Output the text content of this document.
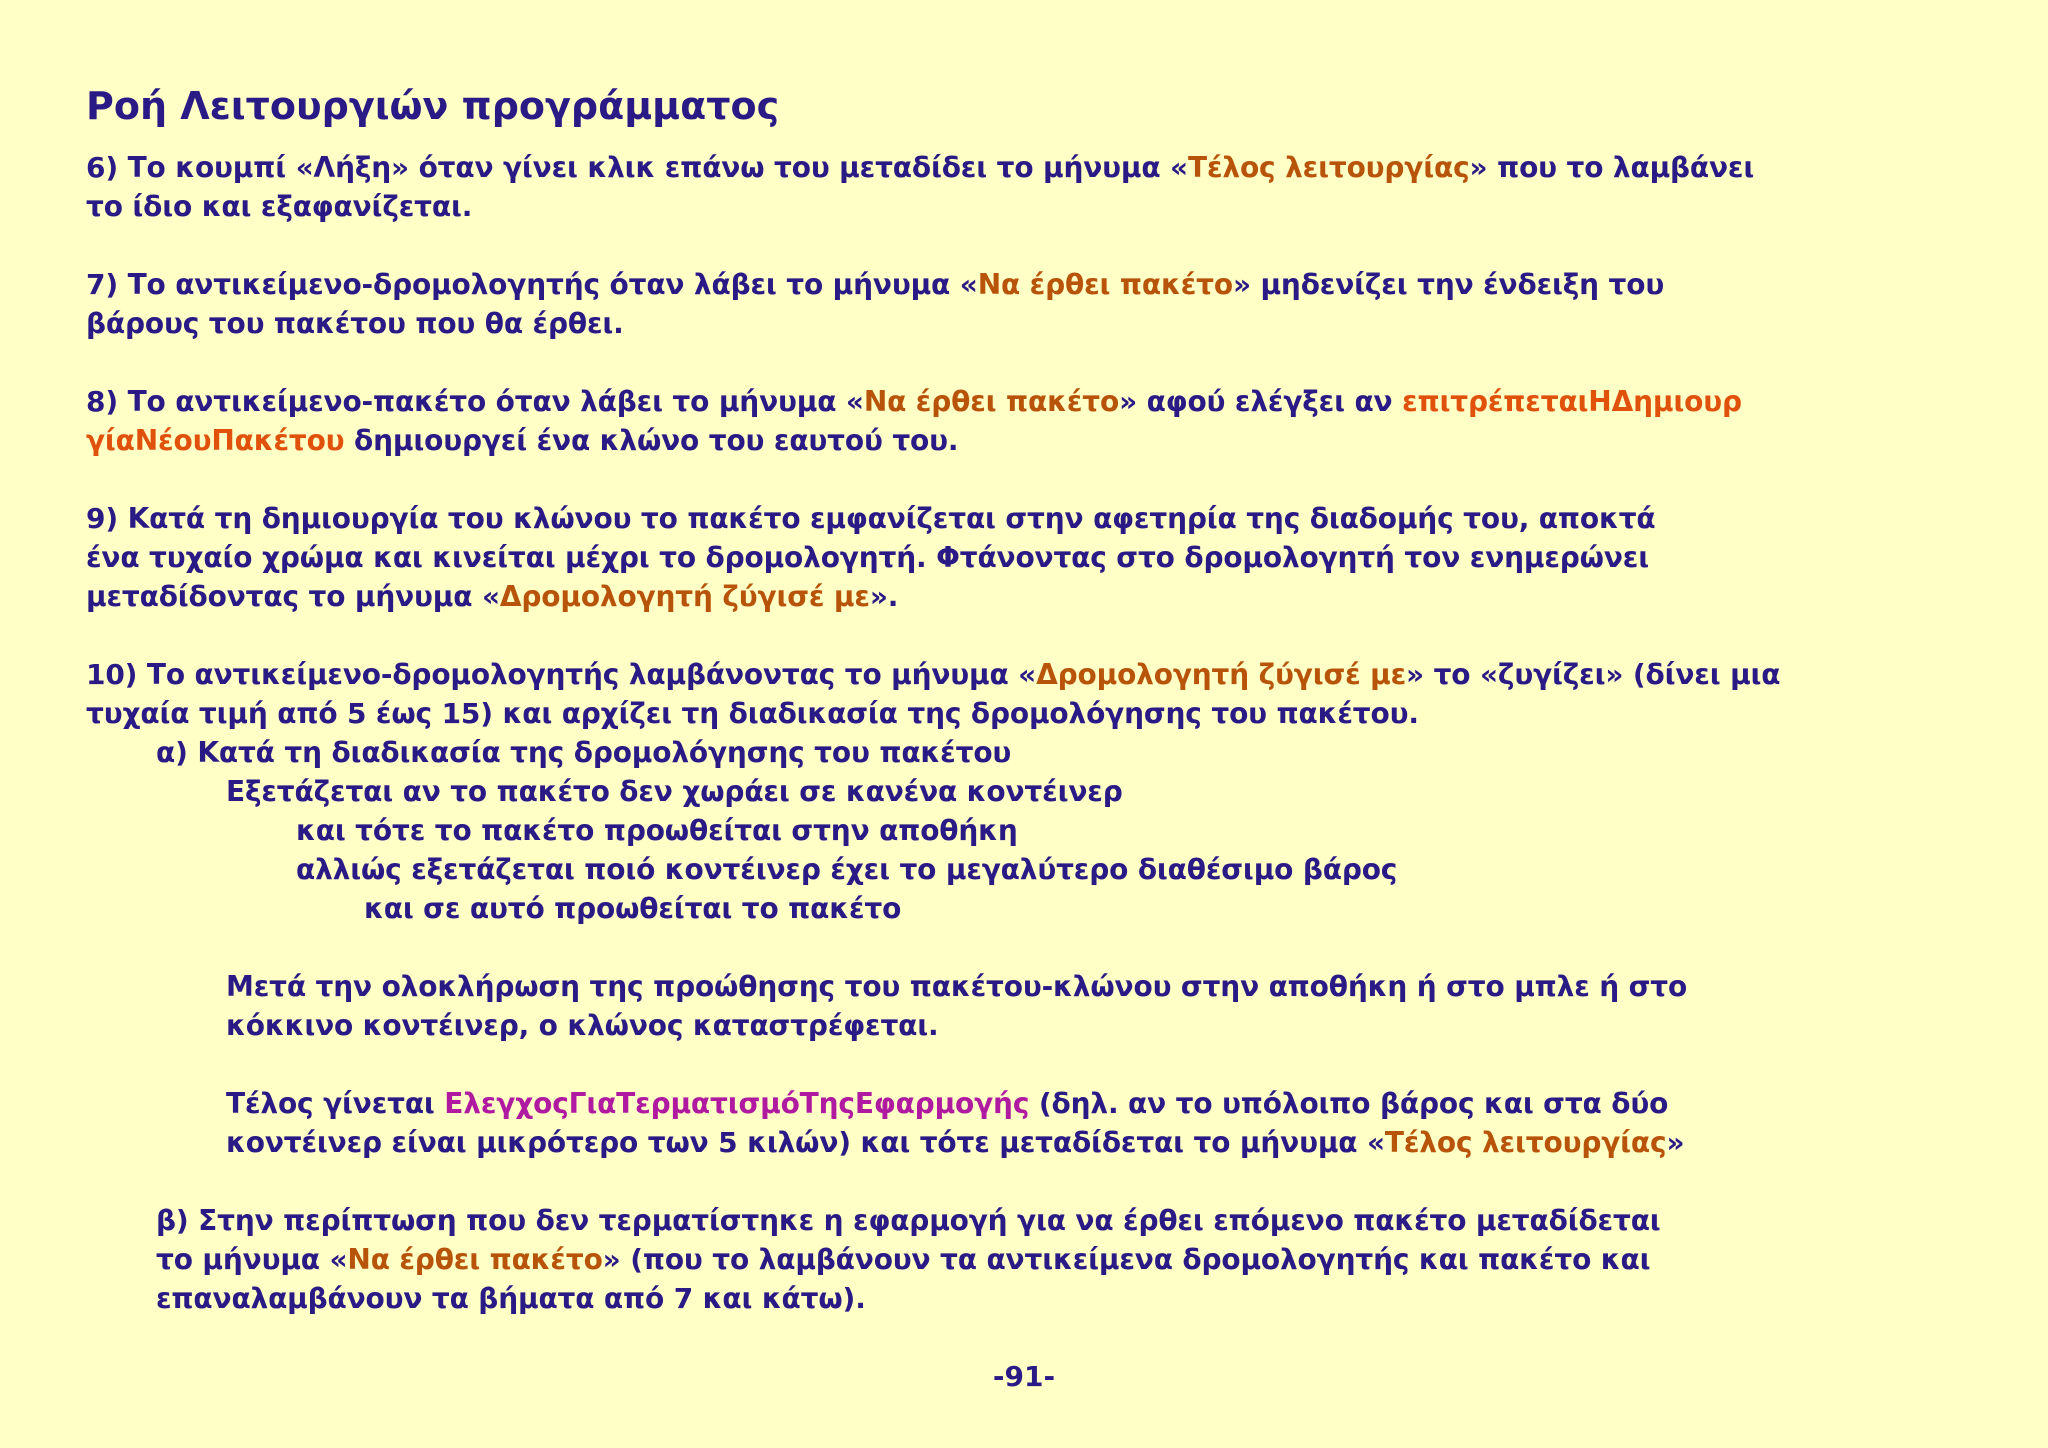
Ροή Λειτουργιών προγράμματος
6) Το κουμπί «Λήξη» όταν γίνει κλικ επάνω του μεταδίδει το μήνυμα «Τέλος λειτουργίας» που το λαμβάνει
το ίδιο και εξαφανίζεται.
7) Το αντικείμενο-δρομολογητής όταν λάβει το μήνυμα «Να έρθει πακέτο» μηδενίζει την ένδειξη του
βάρους του πακέτου που θα έρθει.
8) Το αντικείμενο-πακέτο όταν λάβει το μήνυμα «Να έρθει πακέτο» αφού ελέγξει αν επιτρέπεταιΗΔημιουρ
γίαΝέουΠακέτου δημιουργεί ένα κλώνο του εαυτού του.
9) Κατά τη δημιουργία του κλώνου το πακέτο εμφανίζεται στην αφετηρία της διαδομής του, αποκτά
ένα τυχαίο χρώμα και κινείται μέχρι το δρομολογητή. Φτάνοντας στο δρομολογητή τον ενημερώνει
μεταδίδοντας το μήνυμα «Δρομολογητή ζύγισέ με».
10) Το αντικείμενο-δρομολογητής λαμβάνοντας το μήνυμα «Δρομολογητή ζύγισέ με» το «ζυγίζει» (δίνει μια
τυχαία τιμή από 5 έως 15) και αρχίζει τη διαδικασία της δρομολόγησης του πακέτου.
α) Κατά τη διαδικασία της δρομολόγησης του πακέτου
Εξετάζεται αν το πακέτο δεν χωράει σε κανένα κοντέινερ
και τότε το πακέτο προωθείται στην αποθήκη
αλλιώς εξετάζεται ποιό κοντέινερ έχει το μεγαλύτερο διαθέσιμο βάρος
και σε αυτό προωθείται το πακέτο
Μετά την ολοκλήρωση της προώθησης του πακέτου-κλώνου στην αποθήκη ή στο μπλε ή στο
κόκκινο κοντέινερ, ο κλώνος καταστρέφεται.
Τέλος γίνεται ΕλεγχοςΓιαΤερματισμόΤηςΕφαρμογής (δηλ. αν το υπόλοιπο βάρος και στα δύο
κοντέινερ είναι μικρότερο των 5 κιλών) και τότε μεταδίδεται το μήνυμα «Τέλος λειτουργίας»
β) Στην περίπτωση που δεν τερματίστηκε η εφαρμογή για να έρθει επόμενο πακέτο μεταδίδεται
το μήνυμα «Να έρθει πακέτο» (που το λαμβάνουν τα αντικείμενα δρομολογητής και πακέτο και
επαναλαμβάνουν τα βήματα από 7 και κάτω).
-91-
